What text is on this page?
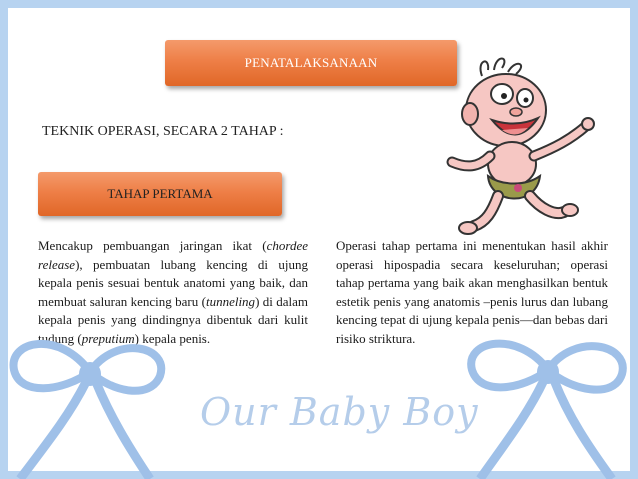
PENATALAKSANAAN
TEKNIK OPERASI, SECARA 2 TAHAP :
TAHAP PERTAMA
Mencakup pembuangan jaringan ikat (chordee release), pembuatan lubang kencing di ujung kepala penis sesuai bentuk anatomi yang baik, dan membuat saluran kencing baru (tunneling) di dalam kepala penis yang dindingnya dibentuk dari kulit tudung (preputium) kepala penis.
Operasi tahap pertama ini menentukan hasil akhir operasi hipospadia secara keseluruhan; operasi tahap pertama yang baik akan menghasilkan bentuk estetik penis yang anatomis –penis lurus dan lubang kencing tepat di ujung kepala penis—dan bebas dari risiko striktura.
Our Baby Boy
